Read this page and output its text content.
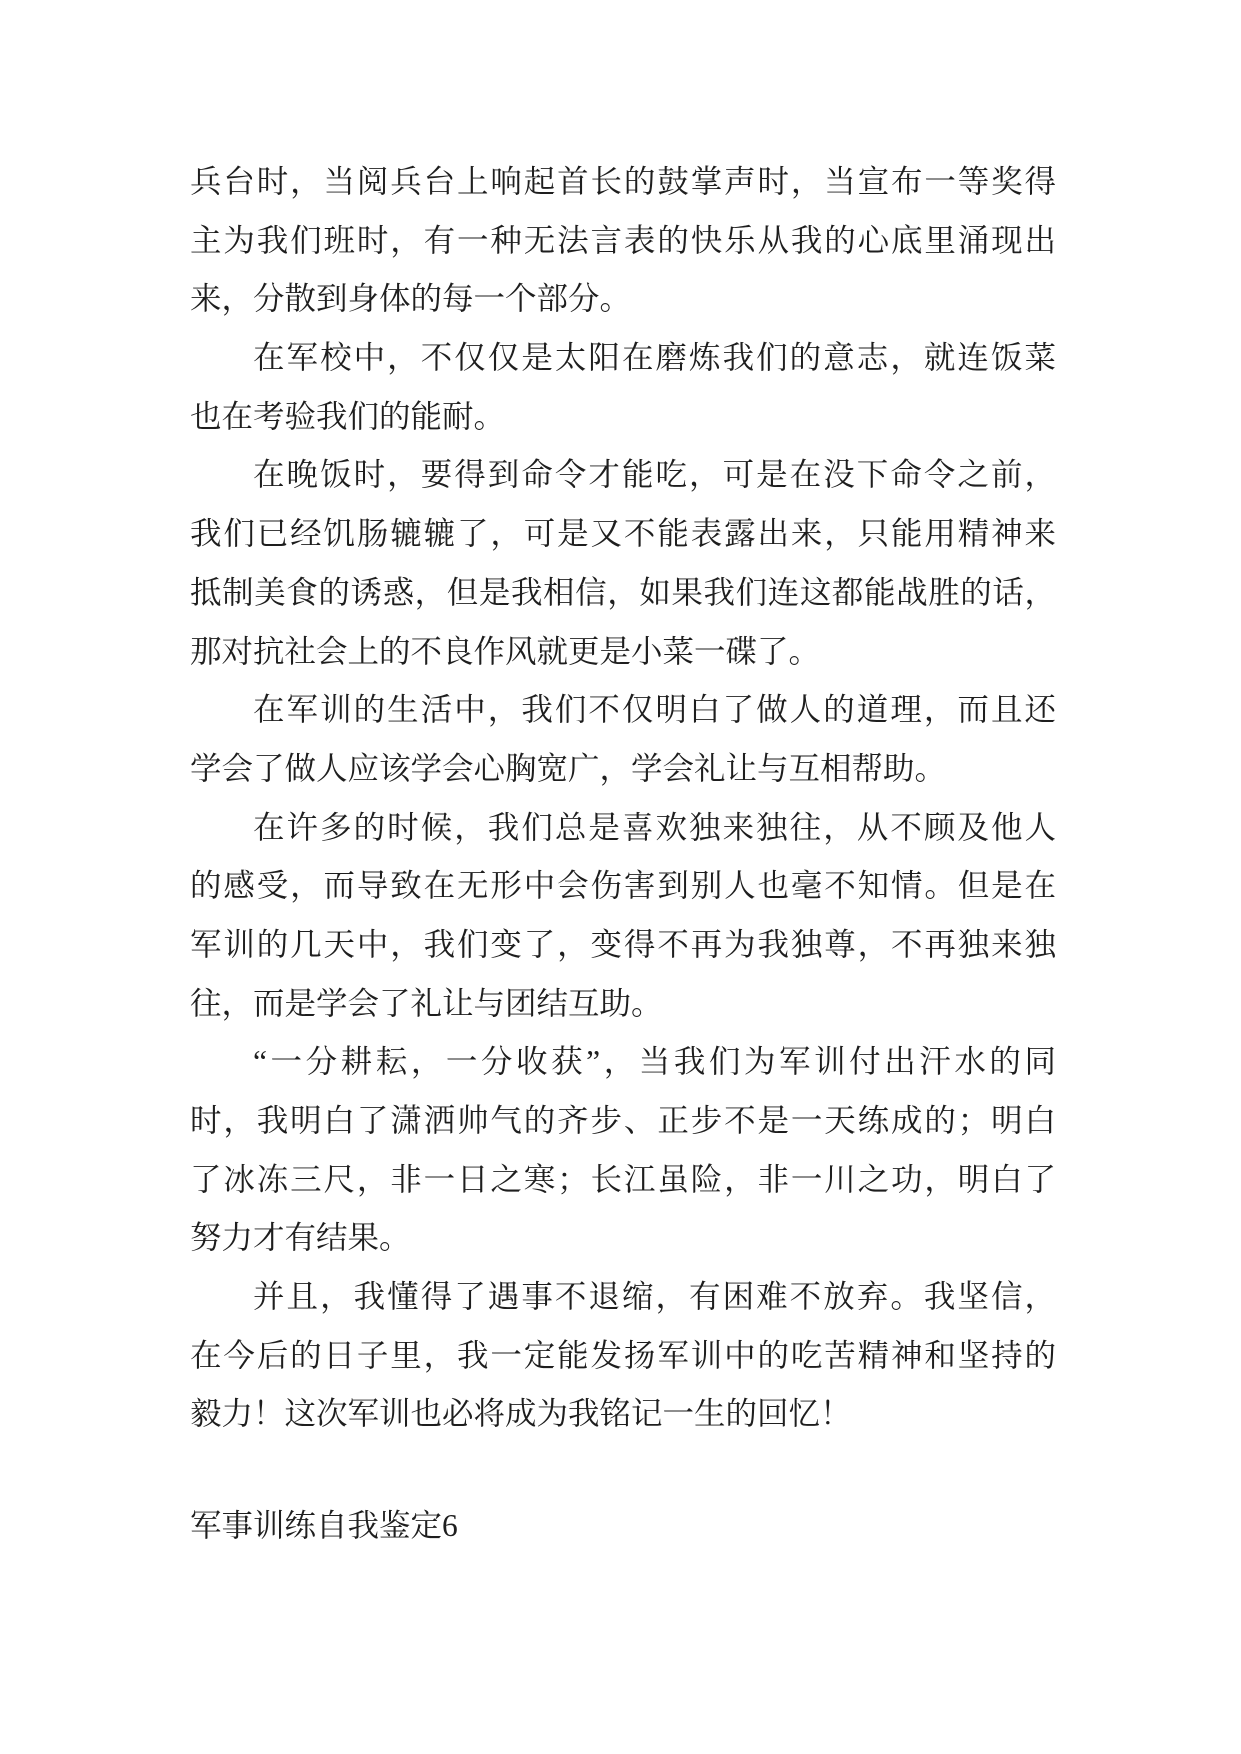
兵台时，当阅兵台上响起首长的鼓掌声时，当宣布一等奖得
主为我们班时，有一种无法言表的快乐从我的心底里涌现出
来，分散到身体的每一个部分。
在军校中，不仅仅是太阳在磨炼我们的意志，就连饭菜
也在考验我们的能耐。
在晚饭时，要得到命令才能吃，可是在没下命令之前，
我们已经饥肠辘辘了，可是又不能表露出来，只能用精神来
抵制美食的诱惑，但是我相信，如果我们连这都能战胜的话，
那对抗社会上的不良作风就更是小菜一碟了。
在军训的生活中，我们不仅明白了做人的道理，而且还
学会了做人应该学会心胸宽广，学会礼让与互相帮助。
在许多的时候，我们总是喜欢独来独往，从不顾及他人
的感受，而导致在无形中会伤害到别人也毫不知情。但是在
军训的几天中，我们变了，变得不再为我独尊，不再独来独
往，而是学会了礼让与团结互助。
“一分耕耘，一分收获”，当我们为军训付出汗水的同
时，我明白了潇洒帅气的齐步、正步不是一天练成的；明白
了冰冻三尺，非一日之寒；长江虽险，非一川之功，明白了
努力才有结果。
并且，我懂得了遇事不退缩，有困难不放弃。我坚信，
在今后的日子里，我一定能发扬军训中的吃苦精神和坚持的
毅力！这次军训也必将成为我铭记一生的回忆！
军事训练自我鉴定6
